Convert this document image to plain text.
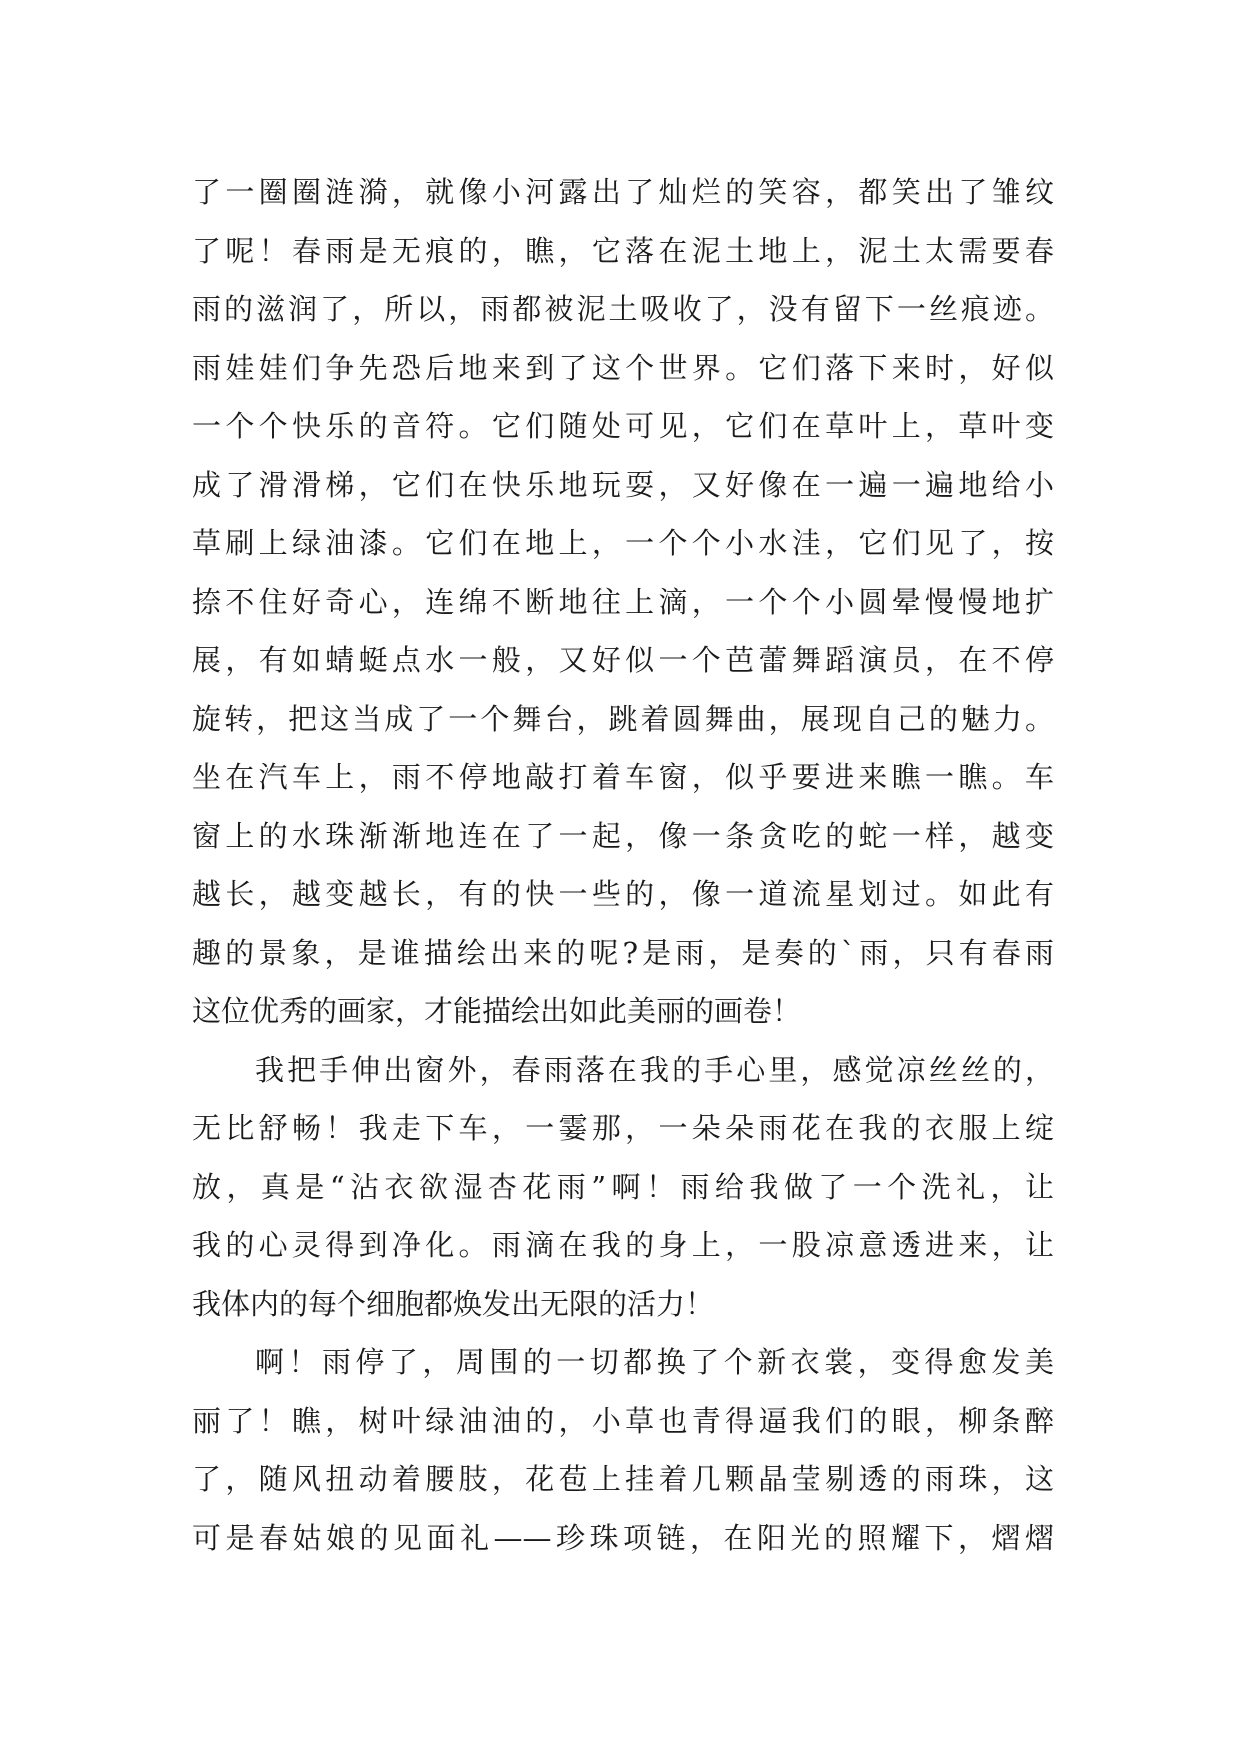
了一圈圈涟漪，就像小河露出了灿烂的笑容，都笑出了雏纹
了呢！春雨是无痕的，瞧，它落在泥土地上，泥土太需要春
雨的滋润了，所以，雨都被泥土吸收了，没有留下一丝痕迹。
雨娃娃们争先恐后地来到了这个世界。它们落下来时，好似
一个个快乐的音符。它们随处可见，它们在草叶上，草叶变
成了滑滑梯，它们在快乐地玩耍，又好像在一遍一遍地给小
草刷上绿油漆。它们在地上，一个个小水洼，它们见了，按
捺不住好奇心，连绵不断地往上滴，一个个小圆晕慢慢地扩
展，有如蜻蜓点水一般，又好似一个芭蕾舞蹈演员，在不停
旋转，把这当成了一个舞台，跳着圆舞曲，展现自己的魅力。
坐在汽车上，雨不停地敲打着车窗，似乎要进来瞧一瞧。车
窗上的水珠渐渐地连在了一起，像一条贪吃的蛇一样，越变
越长，越变越长，有的快一些的，像一道流星划过。如此有
趣的景象，是谁描绘出来的呢?是雨，是奏的`雨，只有春雨
这位优秀的画家，才能描绘出如此美丽的画卷！
我把手伸出窗外，春雨落在我的手心里，感觉凉丝丝的，
无比舒畅！我走下车，一霎那，一朵朵雨花在我的衣服上绽
放，真是“沾衣欲湿杏花雨”啊！雨给我做了一个洗礼，让
我的心灵得到净化。雨滴在我的身上，一股凉意透进来，让
我体内的每个细胞都焕发出无限的活力！
啊！雨停了，周围的一切都换了个新衣裳，变得愈发美
丽了！瞧，树叶绿油油的，小草也青得逼我们的眼，柳条醉
了，随风扭动着腰肢，花苞上挂着几颗晶莹剔透的雨珠，这
可是春姑娘的见面礼——珍珠项链，在阳光的照耀下，熠熠
